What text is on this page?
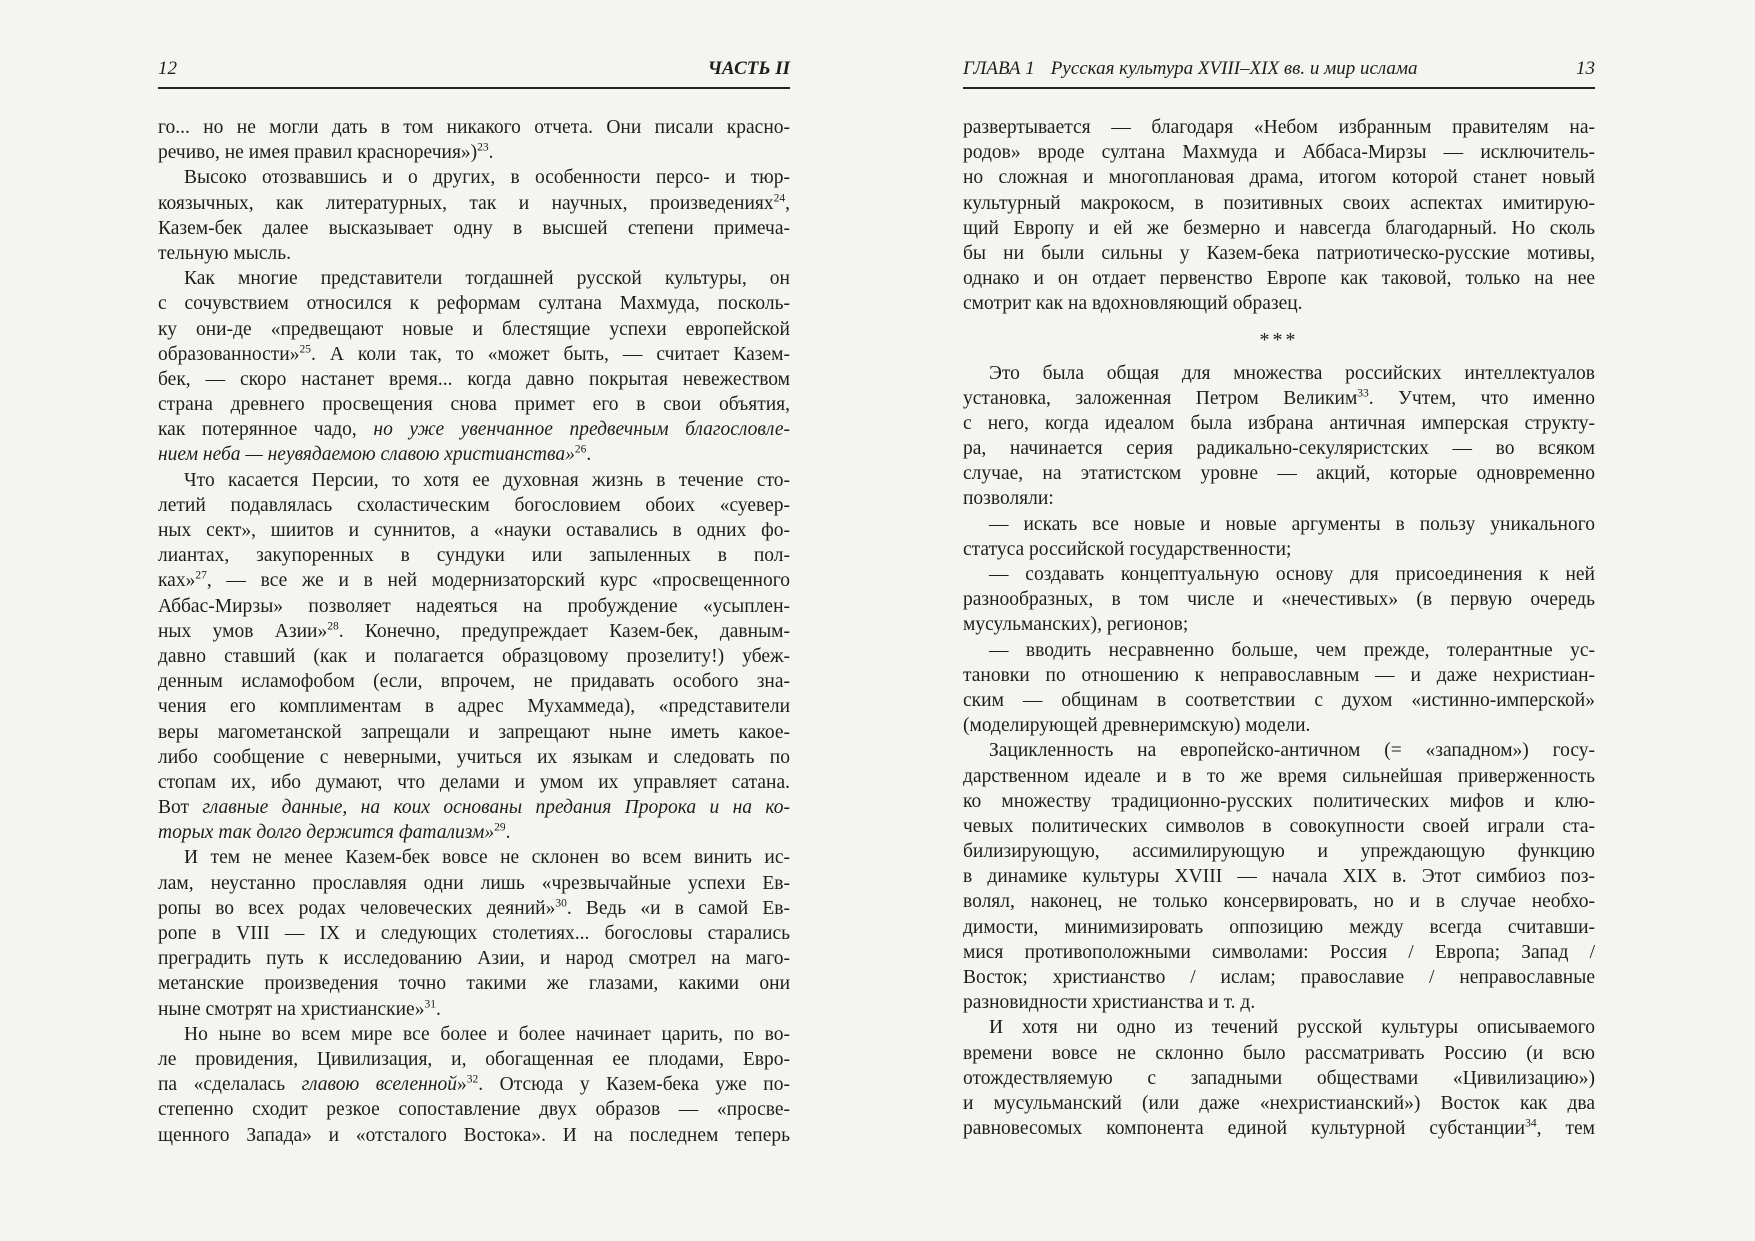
12	ЧАСТЬ II
го... но не могли дать в том никакого отчета. Они писали красно-
речиво, не имея правил красноречия»)$^{23}$.
Высоко отозвавшись и о других, в особенности персо- и тюр-
коязычных, как литературных, так и научных, произведениях$^{24}$,
Казем-бек далее высказывает одну в высшей степени примеча-
тельную мысль.
Как многие представители тогдашней русской культуры, он
с сочувствием относился к реформам султана Махмуда, посколь-
ку они-де «предвещают новые и блестящие успехи европейской
образованности»$^{25}$. А коли так, то «может быть, — считает Казем-
бек, — скоро настанет время... когда давно покрытая невежеством
страна древнего просвещения снова примет его в свои объятия,
как потерянное чадо, но уже увенчанное предвечным благословле-
нием неба — неувядаемою славою христианства»$^{26}$.
Что касается Персии, то хотя ее духовная жизнь в течение сто-
летий подавлялась схоластическим богословием обоих «суевер-
ных сект», шиитов и суннитов, а «науки оставались в одних фо-
лиантах, закупоренных в сундуки или запыленных в пол-
ках»$^{27}$, — все же и в ней модернизаторский курс «просвещенного
Аббас-Мирзы» позволяет надеяться на пробуждение «усыплен-
ных умов Азии»$^{28}$. Конечно, предупреждает Казем-бек, давным-
давно ставший (как и полагается образцовому прозелиту!) убеж-
денным исламофобом (если, впрочем, не придавать особого зна-
чения его комплиментам в адрес Мухаммеда), «представители
веры магометанской запрещали и запрещают ныне иметь какое-
либо сообщение с неверными, учиться их языкам и следовать по
стопам их, ибо думают, что делами и умом их управляет сатана.
Вот главные данные, на коих основаны предания Пророка и на ко-
торых так долго держится фатализм»$^{29}$.
И тем не менее Казем-бек вовсе не склонен во всем винить ис-
лам, неустанно прославляя одни лишь «чрезвычайные успехи Ев-
ропы во всех родах человеческих деяний»$^{30}$. Ведь «и в самой Ев-
ропе в VIII — IX и следующих столетиях... богословы старались
преградить путь к исследованию Азии, и народ смотрел на маго-
метанские произведения точно такими же глазами, какими они
ныне смотрят на христианские»$^{31}$.
Но ныне во всем мире все более и более начинает царить, по во-
ле провидения, Цивилизация, и, обогащенная ее плодами, Евро-
па «сделалась главою вселенной»$^{32}$. Отсюда у Казем-бека уже по-
степенно сходит резкое сопоставление двух образов — «просве-
щенного Запада» и «отсталого Востока». И на последнем теперь
ГЛАВА 1 Русская культура XVIII–XIX вв. и мир ислама	13
развертывается — благодаря «Небом избранным правителям на-
родов» вроде султана Махмуда и Аббаса-Мирзы — исключитель-
но сложная и многоплановая драма, итогом которой станет новый
культурный макрокосм, в позитивных своих аспектах имитирую-
щий Европу и ей же безмерно и навсегда благодарный. Но сколь
бы ни были сильны у Казем-бека патриотическо-русские мотивы,
однако и он отдает первенство Европе как таковой, только на нее
смотрит как на вдохновляющий образец.
***
Это была общая для множества российских интеллектуалов
установка, заложенная Петром Великим$^{33}$. Учтем, что именно
с него, когда идеалом была избрана античная имперская структу-
ра, начинается серия радикально-секуляристских — во всяком
случае, на этатистском уровне — акций, которые одновременно
позволяли:
— искать все новые и новые аргументы в пользу уникального
статуса российской государственности;
— создавать концептуальную основу для присоединения к ней
разнообразных, в том числе и «нечестивых» (в первую очередь
мусульманских), регионов;
— вводить несравненно больше, чем прежде, толерантные ус-
тановки по отношению к неправославным — и даже нехристиан-
ским — общинам в соответствии с духом «истинно-имперской»
(моделирующей древнеримскую) модели.
Зацикленность на европейско-античном (= «западном») госу-
дарственном идеале и в то же время сильнейшая приверженность
ко множеству традиционно-русских политических мифов и клю-
чевых политических символов в совокупности своей играли ста-
билизирующую, ассимилирующую и упреждающую функцию
в динамике культуры XVIII — начала XIX в. Этот симбиоз поз-
волял, наконец, не только консервировать, но и в случае необхо-
димости, минимизировать оппозицию между всегда считавши-
мися противоположными символами: Россия / Европа; Запад /
Восток; христианство / ислам; православие / неправославные
разновидности христианства и т. д.
И хотя ни одно из течений русской культуры описываемого
времени вовсе не склонно было рассматривать Россию (и всю
отождествляемую с западными обществами «Цивилизацию»)
и мусульманский (или даже «нехристианский») Восток как два
равновесомых компонента единой культурной субстанции$^{34}$, тем
